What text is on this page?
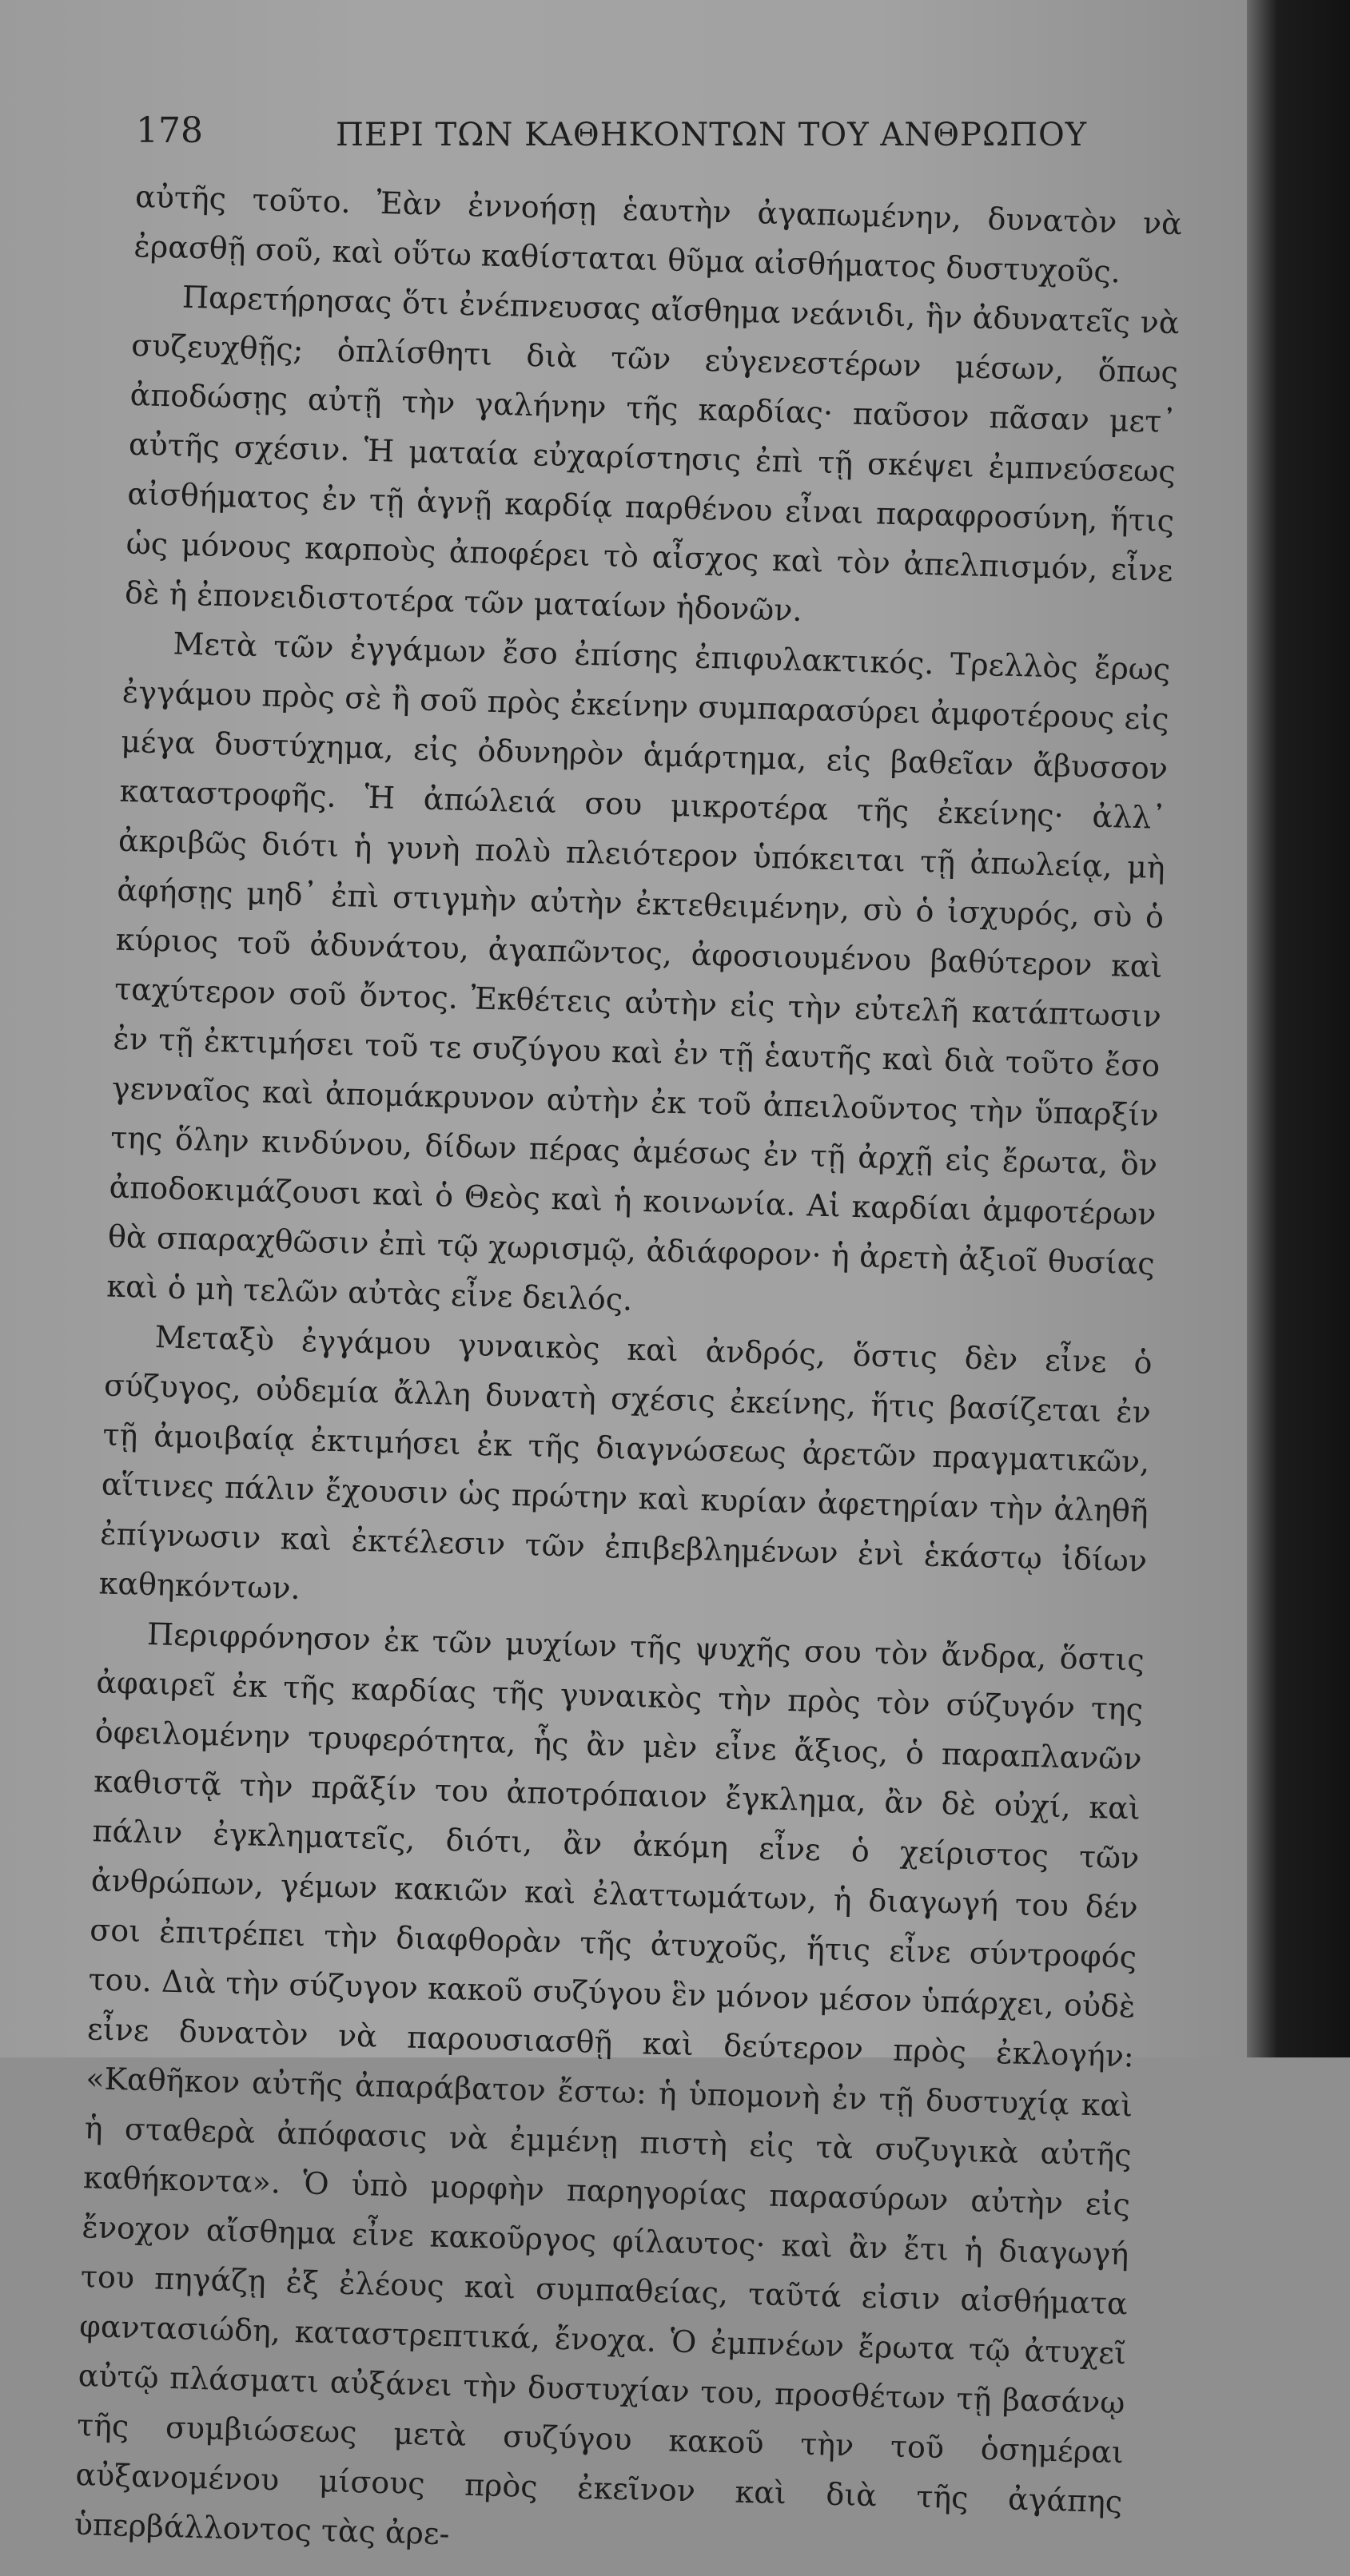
178	ΠΕΡΙ ΤΩΝ ΚΑΘΗΚΟΝΤΩΝ ΤΟΥ ΑΝΘΡΩΠΟΥ

αὐτῆς τοῦτο. Ἐὰν ἐννοήσῃ ἑαυτὴν ἀγαπωμένην, δυνατὸν νὰ ἐρασθῇ σοῦ, καὶ οὕτω καθίσταται θῦμα αἰσθήματος δυστυχοῦς.

Παρετήρησας ὅτι ἐνέπνευσας αἴσθημα νεάνιδι, ἣν ἀδυνατεῖς νὰ συζευχθῇς; ὁπλίσθητι διὰ τῶν εὐγενεστέρων μέσων, ὅπως ἀποδώσῃς αὐτῇ τὴν γαλήνην τῆς καρδίας· παῦσον πᾶσαν μετ᾽ αὐτῆς σχέσιν. Ἡ ματαία εὐχαρίστησις ἐπὶ τῇ σκέψει ἐμπνεύσεως αἰσθήματος ἐν τῇ ἁγνῇ καρδίᾳ παρθένου εἶναι παραφροσύνη, ἥτις ὡς μόνους καρποὺς ἀποφέρει τὸ αἶσχος καὶ τὸν ἀπελπισμόν, εἶνε δὲ ἡ ἐπονειδιστοτέρα τῶν ματαίων ἡδονῶν.

Μετὰ τῶν ἐγγάμων ἔσο ἐπίσης ἐπιφυλακτικός. Τρελλὸς ἔρως ἐγγάμου πρὸς σὲ ἢ σοῦ πρὸς ἐκείνην συμπαρασύρει ἀμφοτέρους εἰς μέγα δυστύχημα, εἰς ὀδυνηρὸν ἁμάρτημα, εἰς βαθεῖαν ἄβυσσον καταστροφῆς. Ἡ ἀπώλειά σου μικροτέρα τῆς ἐκείνης· ἀλλ᾽ ἀκριβῶς διότι ἡ γυνὴ πολὺ πλειότερον ὑπόκειται τῇ ἀπωλείᾳ, μὴ ἀφήσῃς μηδ᾽ ἐπὶ στιγμὴν αὐτὴν ἐκτεθειμένην, σὺ ὁ ἰσχυρός, σὺ ὁ κύριος τοῦ ἀδυνάτου, ἀγαπῶντος, ἀφοσιουμένου βαθύτερον καὶ ταχύτερον σοῦ ὄντος. Ἐκθέτεις αὐτὴν εἰς τὴν εὐτελῆ κατάπτωσιν ἐν τῇ ἐκτιμήσει τοῦ τε συζύγου καὶ ἐν τῇ ἑαυτῆς καὶ διὰ τοῦτο ἔσο γενναῖος καὶ ἀπομάκρυνον αὐτὴν ἐκ τοῦ ἀπειλοῦντος τὴν ὕπαρξίν της ὅλην κινδύνου, δίδων πέρας ἀμέσως ἐν τῇ ἀρχῇ εἰς ἔρωτα, ὃν ἀποδοκιμάζουσι καὶ ὁ Θεὸς καὶ ἡ κοινωνία. Αἱ καρδίαι ἀμφοτέρων θὰ σπαραχθῶσιν ἐπὶ τῷ χωρισμῷ, ἀδιάφορον· ἡ ἀρετὴ ἀξιοῖ θυσίας καὶ ὁ μὴ τελῶν αὐτὰς εἶνε δειλός.

Μεταξὺ ἐγγάμου γυναικὸς καὶ ἀνδρός, ὅστις δὲν εἶνε ὁ σύζυγος, οὐδεμία ἄλλη δυνατὴ σχέσις ἐκείνης, ἥτις βασίζεται ἐν τῇ ἀμοιβαίᾳ ἐκτιμήσει ἐκ τῆς διαγνώσεως ἀρετῶν πραγματικῶν, αἵτινες πάλιν ἔχουσιν ὡς πρώτην καὶ κυρίαν ἀφετηρίαν τὴν ἀληθῆ ἐπίγνωσιν καὶ ἐκτέλεσιν τῶν ἐπιβεβλημένων ἐνὶ ἑκάστῳ ἰδίων καθηκόντων.

Περιφρόνησον ἐκ τῶν μυχίων τῆς ψυχῆς σου τὸν ἄνδρα, ὅστις ἀφαιρεῖ ἐκ τῆς καρδίας τῆς γυναικὸς τὴν πρὸς τὸν σύζυγόν της ὀφειλομένην τρυφερότητα, ἧς ἂν μὲν εἶνε ἄξιος, ὁ παραπλανῶν καθιστᾷ τὴν πρᾶξίν του ἀποτρόπαιον ἔγκλημα, ἂν δὲ οὐχί, καὶ πάλιν ἐγκληματεῖς, διότι, ἂν ἀκόμη εἶνε ὁ χείριστος τῶν ἀνθρώπων, γέμων κακιῶν καὶ ἐλαττωμάτων, ἡ διαγωγή του δέν σοι ἐπιτρέπει τὴν διαφθορὰν τῆς ἀτυχοῦς, ἥτις εἶνε σύντροφός του. Διὰ τὴν σύζυγον κακοῦ συζύγου ἓν μόνον μέσον ὑπάρχει, οὐδὲ εἶνε δυνατὸν νὰ παρουσιασθῇ καὶ δεύτερον πρὸς ἐκλογήν: «Καθῆκον αὐτῆς ἀπαράβατον ἔστω: ἡ ὑπομονὴ ἐν τῇ δυστυχίᾳ καὶ ἡ σταθερὰ ἀπόφασις νὰ ἐμμένῃ πιστὴ εἰς τὰ συζυγικὰ αὐτῆς καθήκοντα». Ὁ ὑπὸ μορφὴν παρηγορίας παρασύρων αὐτὴν εἰς ἔνοχον αἴσθημα εἶνε κακοῦργος φίλαυτος· καὶ ἂν ἔτι ἡ διαγωγή του πηγάζῃ ἐξ ἐλέους καὶ συμπαθείας, ταῦτά εἰσιν αἰσθήματα φαντασιώδη, καταστρεπτικά, ἔνοχα. Ὁ ἐμπνέων ἔρωτα τῷ ἀτυχεῖ αὐτῷ πλάσματι αὐξάνει τὴν δυστυχίαν του, προσθέτων τῇ βασάνῳ τῆς συμβιώσεως μετὰ συζύγου κακοῦ τὴν τοῦ ὁσημέραι αὐξανομένου μίσους πρὸς ἐκεῖνον καὶ διὰ τῆς ἀγάπης ὑπερβάλλοντος τὰς ἀρε-
